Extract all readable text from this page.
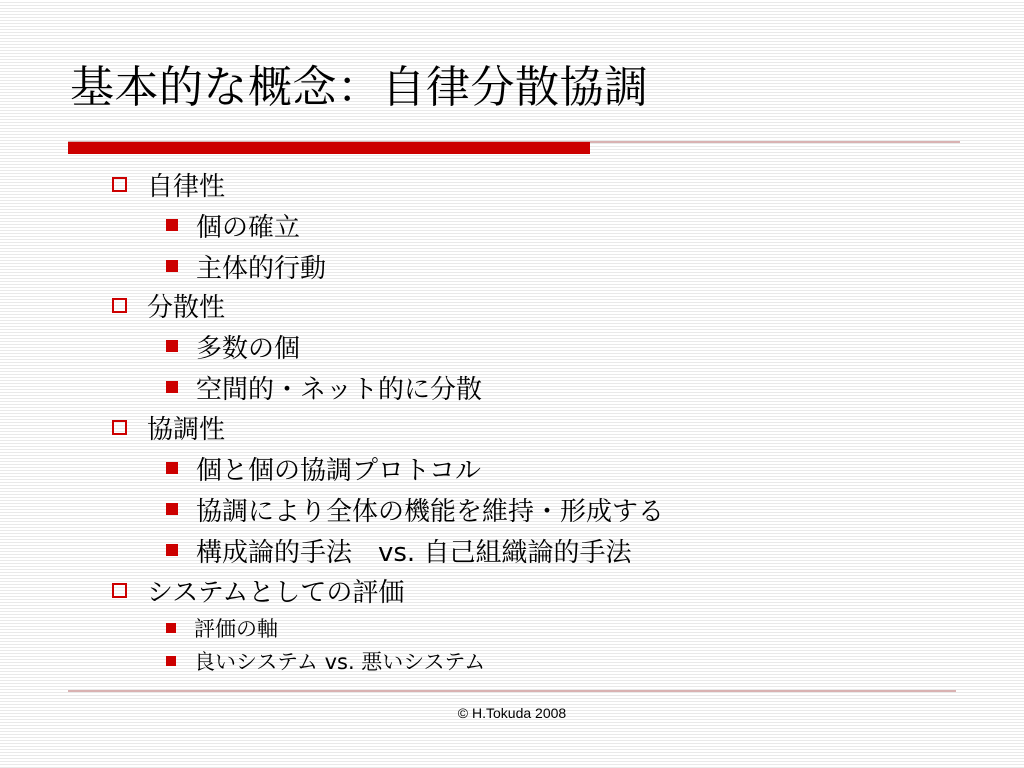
基本的な概念：自律分散協調
自律性
個の確立
主体的行動
分散性
多数の個
空間的・ネット的に分散
協調性
個と個の協調プロトコル
協調により全体の機能を維持・形成する
構成論的手法　vs. 自己組織論的手法
システムとしての評価
評価の軸
良いシステム vs. 悪いシステム
© H.Tokuda 2008
